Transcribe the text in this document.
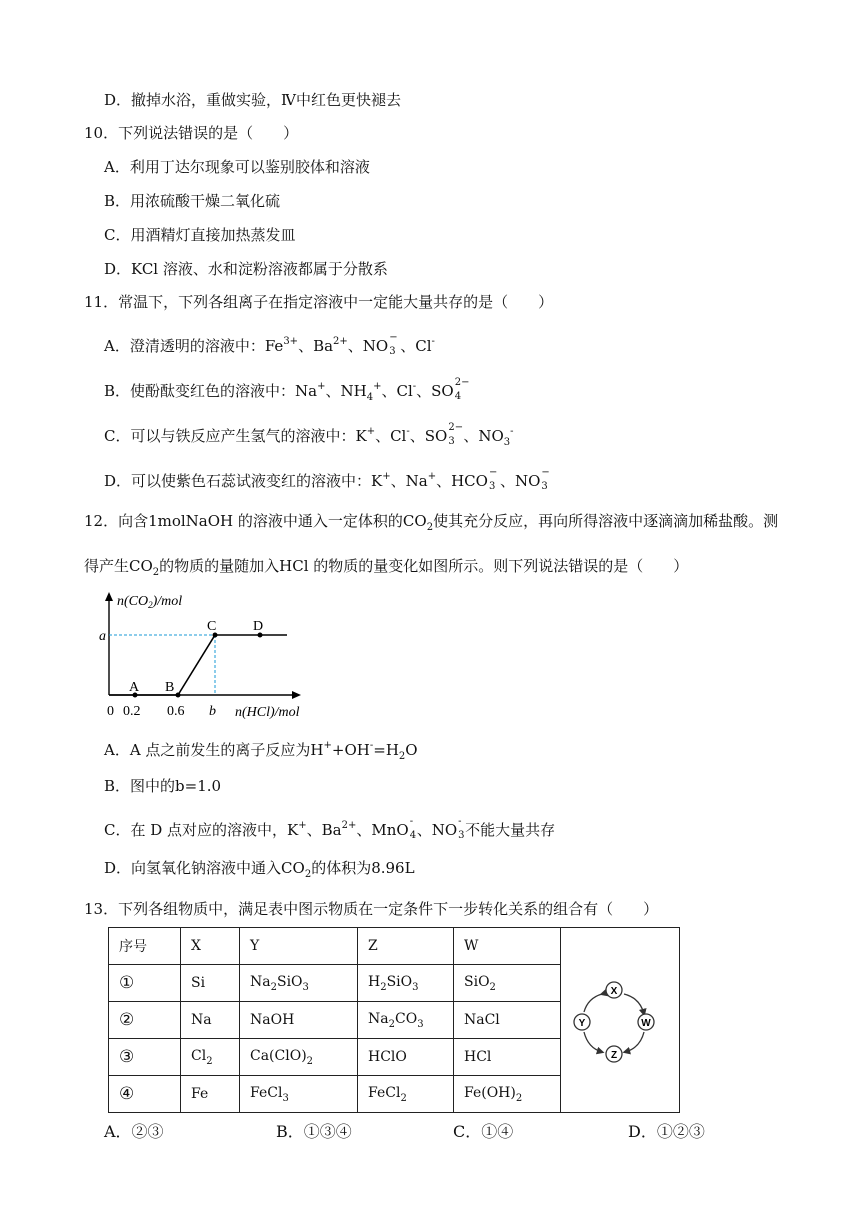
D．撤掉水浴，重做实验，Ⅳ中红色更快褪去
10．下列说法错误的是（　　）
A．利用丁达尔现象可以鉴别胶体和溶液
B．用浓硫酸干燥二氧化硫
C．用酒精灯直接加热蒸发皿
D．KCl 溶液、水和淀粉溶液都属于分散系
11．常温下，下列各组离子在指定溶液中一定能大量共存的是（　　）
A．澄清透明的溶液中：$Fe^{3+}$、$Ba^{2+}$、NO −
3 、Cl-
B．使酚酞变红色的溶液中：Na+、$NH_4^+$、Cl-、SO 2−
4
C．可以与铁反应产生氢气的溶液中：K+、Cl-、SO 2−
3 、$NO_3^-$
D．可以使紫色石蕊试液变红的溶液中：K+、Na+、HCO −
3 、NO −
3
12．向含1molNaOH 的溶液中通入一定体积的$CO_2$使其充分反应，再向所得溶液中逐滴滴加稀盐酸。测
得产生$CO_2$的物质的量随加入HCl 的物质的量变化如图所示。则下列说法错误的是（　　）
$n(CO_2)$/mol
a
C	D
A B
0 0.2 0.6 b n(HCl)/mol
A．A 点之前发生的离子反应为$H^++OH^-=H_2O$
B．图中的b=1.0
C．在 D 点对应的溶液中，K+、$Ba^{2+}$、MnO -
4 、NO -
3 不能大量共存
D．向氢氧化钠溶液中通入$CO_2$的体积为8.96L
13．下列各组物质中，满足表中图示物质在一定条件下一步转化关系的组合有（　　）
序号	X	Y	Z	W	
①	Si	$Na_2SiO_3$	$H_2SiO_3$	SiO$_2$
②	Na	NaOH	$Na_2CO_3$	NaCl	
③	$Cl_2$	$Ca(ClO)_2$	HClO	HCl	
④	Fe	FeCl$_3$	FeCl$_2$	$Fe(OH)_2$
X
Y	W
Z
A．②③	B．①③④	C．①④	D．①②③
